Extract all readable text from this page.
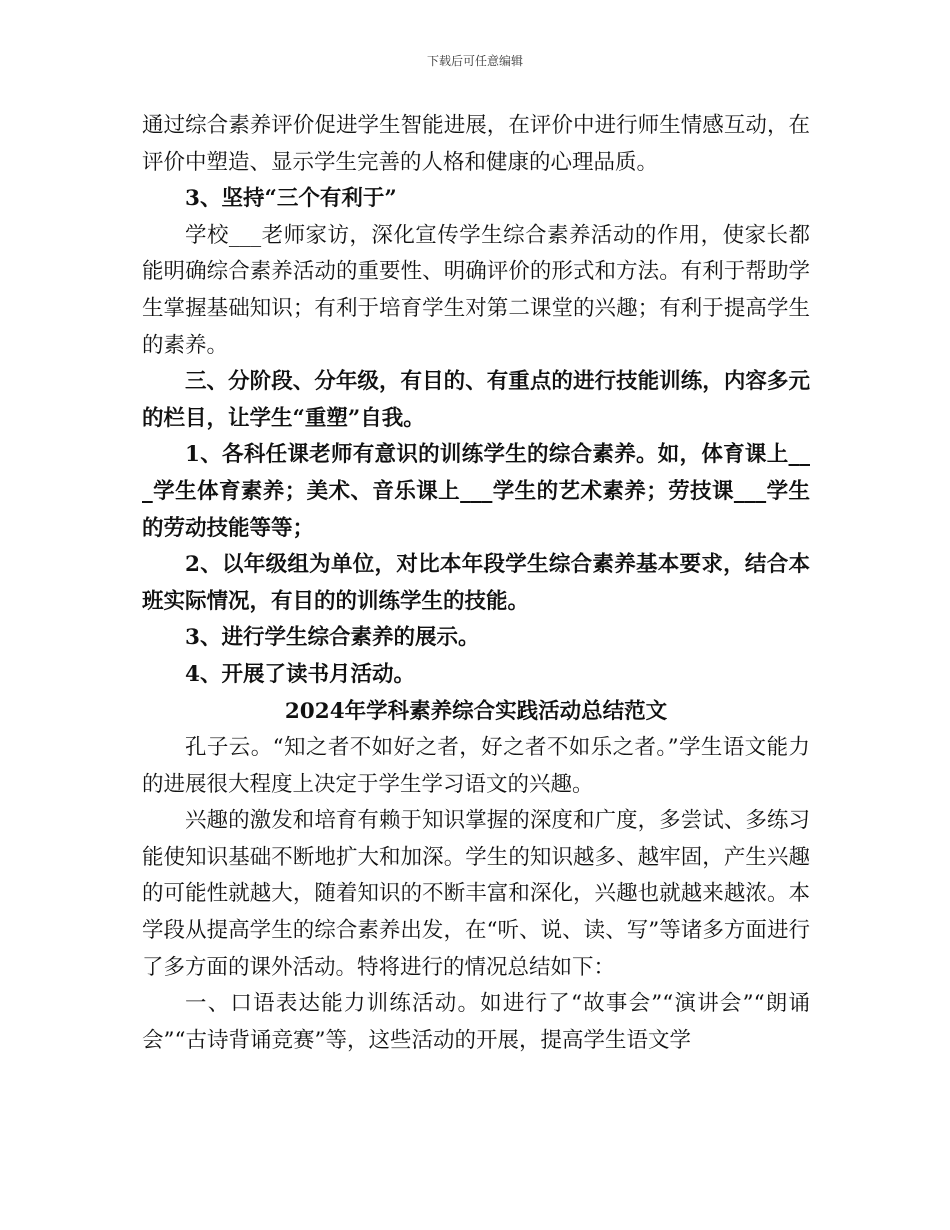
下载后可任意编辑

通过综合素养评价促进学生智能进展，在评价中进行师生情感互动，在评价中塑造、显示学生完善的人格和健康的心理品质。

3、坚持“三个有利于”

学校___老师家访，深化宣传学生综合素养活动的作用，使家长都能明确综合素养活动的重要性、明确评价的形式和方法。有利于帮助学生掌握基础知识；有利于培育学生对第二课堂的兴趣；有利于提高学生的素养。

三、分阶段、分年级，有目的、有重点的进行技能训练，内容多元的栏目，让学生“重塑”自我。

1、各科任课老师有意识的训练学生的综合素养。如，体育课上___学生体育素养；美术、音乐课上___学生的艺术素养；劳技课___学生的劳动技能等等；

2、以年级组为单位，对比本年段学生综合素养基本要求，结合本班实际情况，有目的的训练学生的技能。

3、进行学生综合素养的展示。

4、开展了读书月活动。

2024年学科素养综合实践活动总结范文

孔子云。“知之者不如好之者，好之者不如乐之者。”学生语文能力的进展很大程度上决定于学生学习语文的兴趣。

兴趣的激发和培育有赖于知识掌握的深度和广度，多尝试、多练习能使知识基础不断地扩大和加深。学生的知识越多、越牢固，产生兴趣的可能性就越大，随着知识的不断丰富和深化，兴趣也就越来越浓。本学段从提高学生的综合素养出发，在“听、说、读、写”等诸多方面进行了多方面的课外活动。特将进行的情况总结如下：

一、口语表达能力训练活动。如进行了“故事会”“演讲会”“朗诵会”“古诗背诵竞赛”等，这些活动的开展，提高学生语文学
